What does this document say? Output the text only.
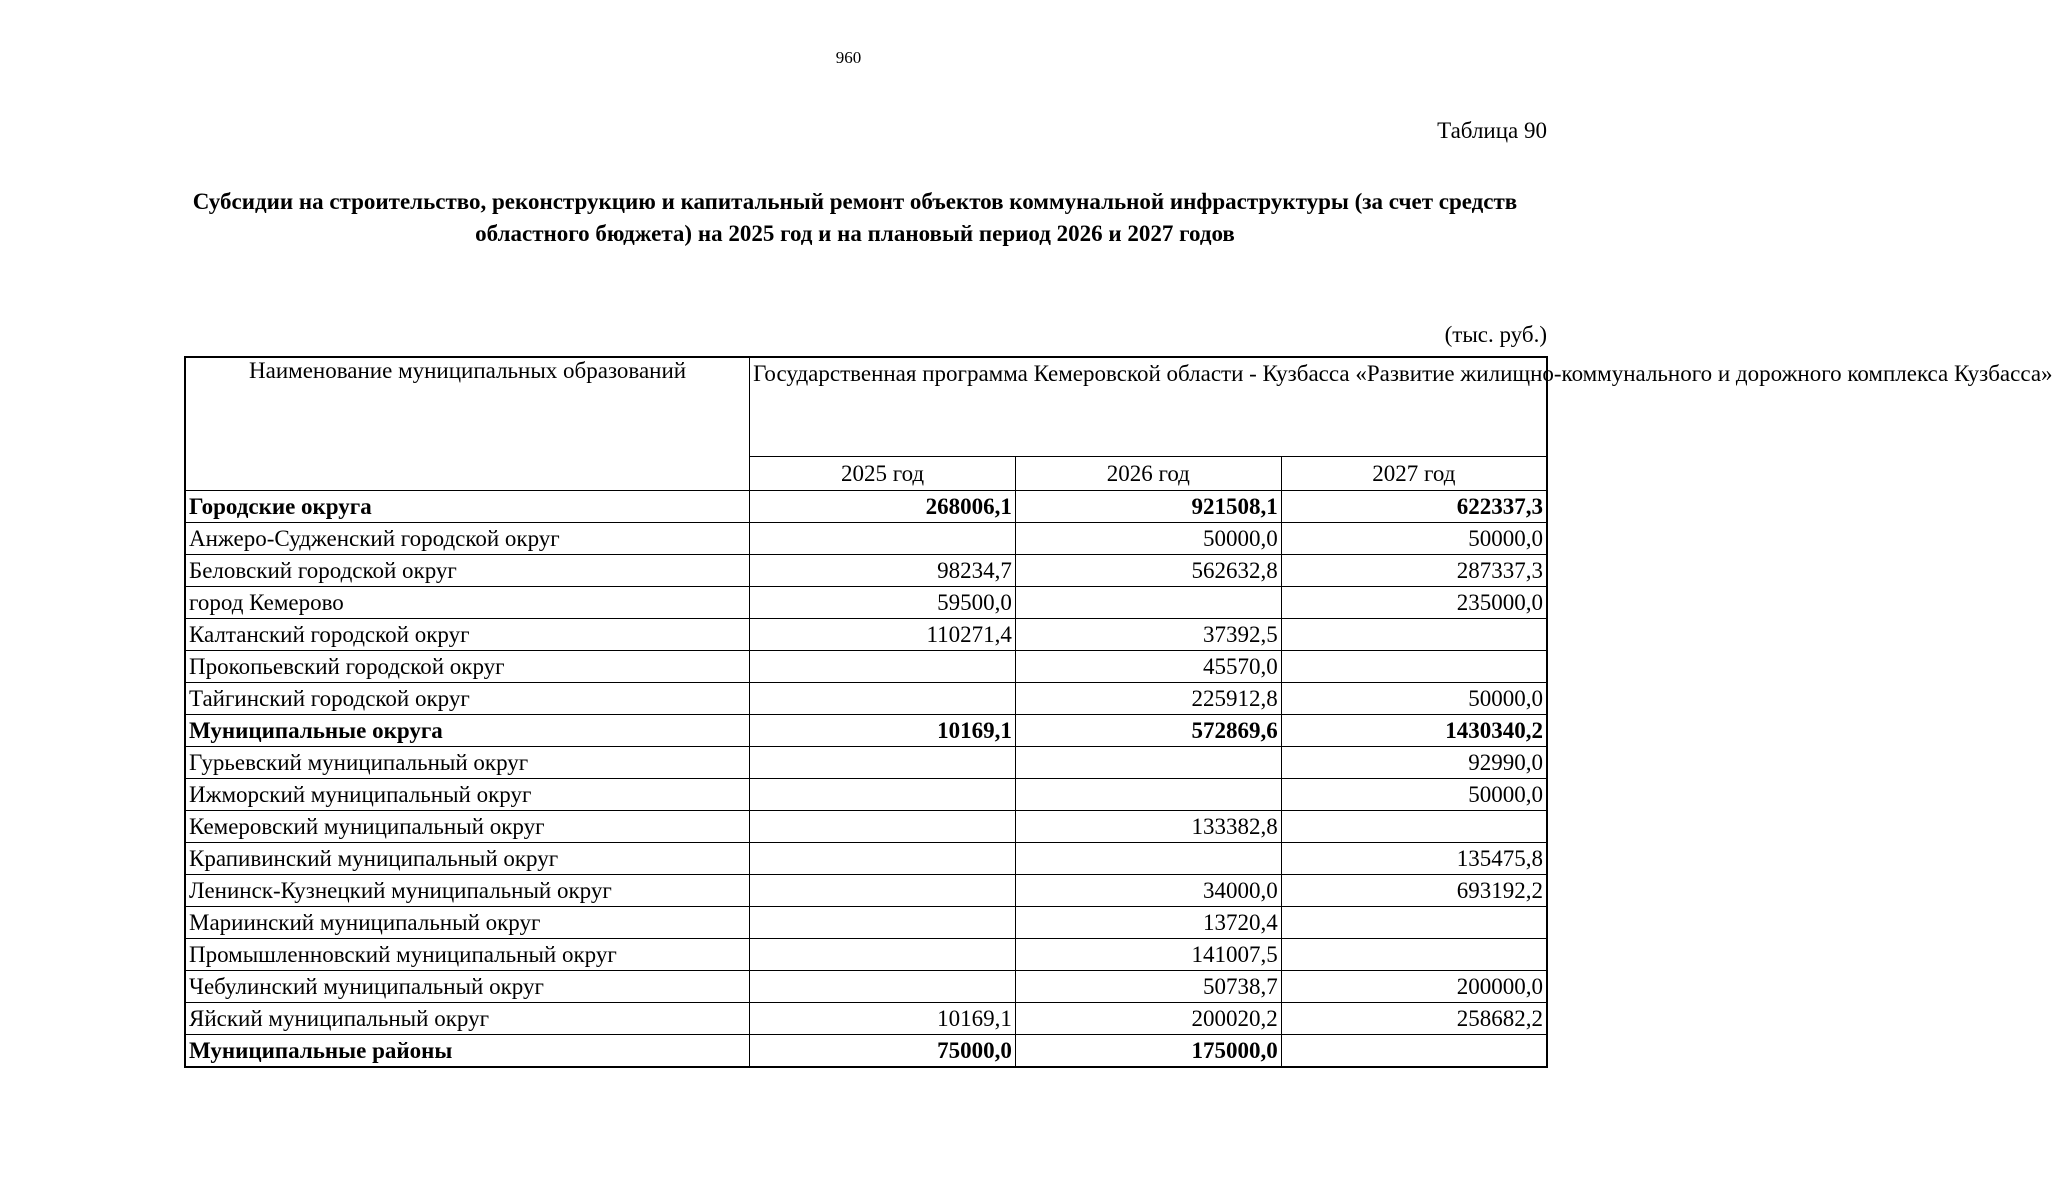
960
Таблица 90
Субсидии на строительство, реконструкцию и капитальный ремонт объектов коммунальной инфраструктуры (за счет средств областного бюджета) на 2025 год и на плановый период 2026 и 2027 годов
(тыс. руб.)
Наименование муниципальных образований	Государственная программа Кемеровской области - Кузбасса «Развитие жилищно-коммунального и дорожного комплекса Кузбасса»		
	2025 год	2026 год	2027 год
Городские округа	268006,1	921508,1	622337,3
Анжеро-Судженский городской округ		50000,0	50000,0
Беловский городской округ	98234,7	562632,8	287337,3
город Кемерово	59500,0		235000,0
Калтанский городской округ	110271,4	37392,5	
Прокопьевский городской округ		45570,0	
Тайгинский городской округ		225912,8	50000,0
Муниципальные округа	10169,1	572869,6	1430340,2
Гурьевский муниципальный округ			92990,0
Ижморский муниципальный округ			50000,0
Кемеровский муниципальный округ		133382,8	
Крапивинский муниципальный округ			135475,8
Ленинск-Кузнецкий муниципальный округ		34000,0	693192,2
Мариинский муниципальный округ		13720,4	
Промышленновский муниципальный округ		141007,5	
Чебулинский муниципальный округ		50738,7	200000,0
Яйский муниципальный округ	10169,1	200020,2	258682,2
Муниципальные районы	75000,0	175000,0	
